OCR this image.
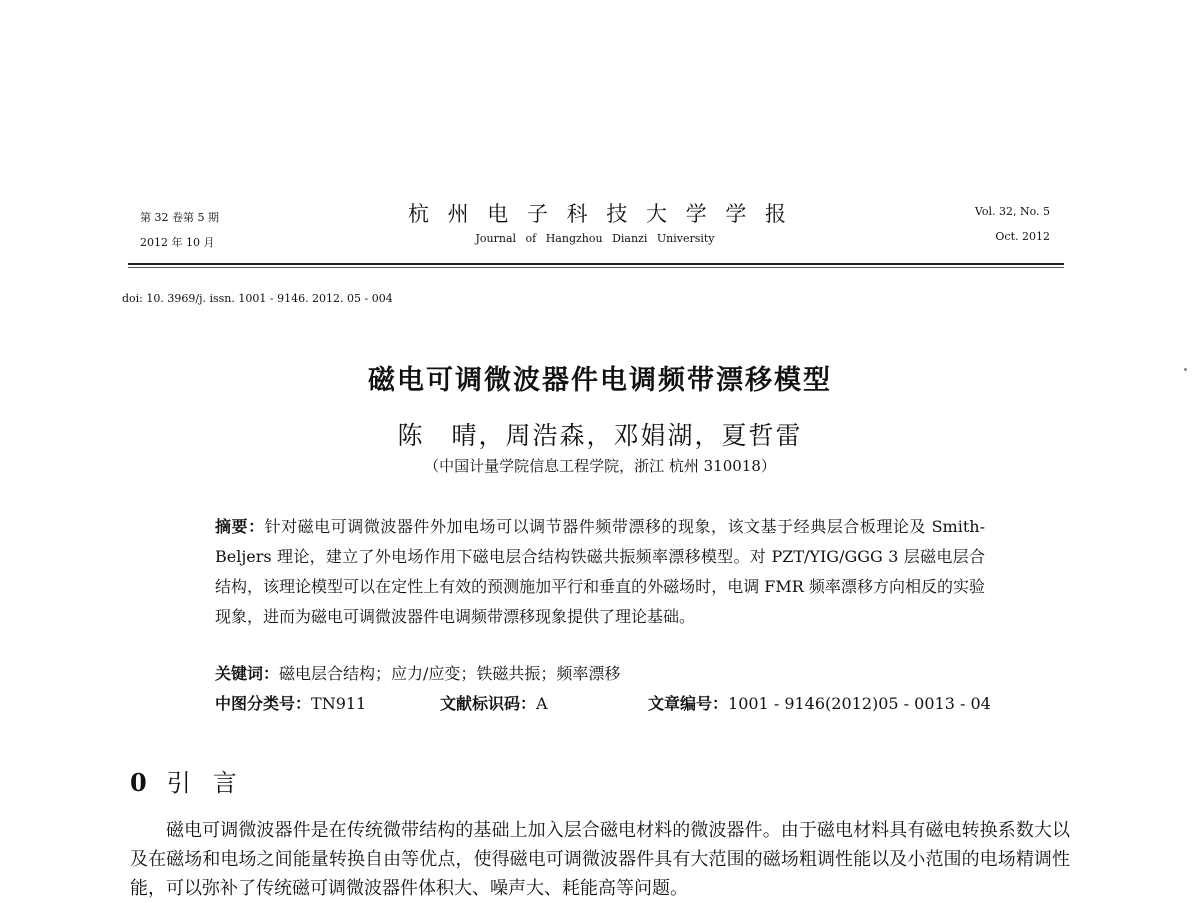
第 32 卷第 5 期
2012 年 10 月
杭 州 电 子 科 技 大 学 学 报
Journal of Hangzhou Dianzi University
Vol. 32, No. 5
Oct. 2012
doi: 10. 3969/j. issn. 1001 - 9146. 2012. 05 - 004
磁电可调微波器件电调频带漂移模型
陈　晴，周浩森，邓娟湖，夏哲雷
（中国计量学院信息工程学院，浙江 杭州 310018）
摘要：针对磁电可调微波器件外加电场可以调节器件频带漂移的现象，该文基于经典层合板理论及 Smith-Beljers 理论，建立了外电场作用下磁电层合结构铁磁共振频率漂移模型。对 PZT/YIG/GGG 3 层磁电层合结构，该理论模型可以在定性上有效的预测施加平行和垂直的外磁场时，电调 FMR 频率漂移方向相反的实验现象，进而为磁电可调微波器件电调频带漂移现象提供了理论基础。
关键词：磁电层合结构；应力/应变；铁磁共振；频率漂移
中图分类号：TN911	文献标识码：A	文章编号：1001 - 9146(2012)05 - 0013 - 04
0 引言
磁电可调微波器件是在传统微带结构的基础上加入层合磁电材料的微波器件。由于磁电材料具有磁电转换系数大以及在磁场和电场之间能量转换自由等优点，使得磁电可调微波器件具有大范围的磁场粗调性能以及小范围的电场精调性能，可以弥补了传统磁可调微波器件体积大、噪声大、耗能高等问题。
